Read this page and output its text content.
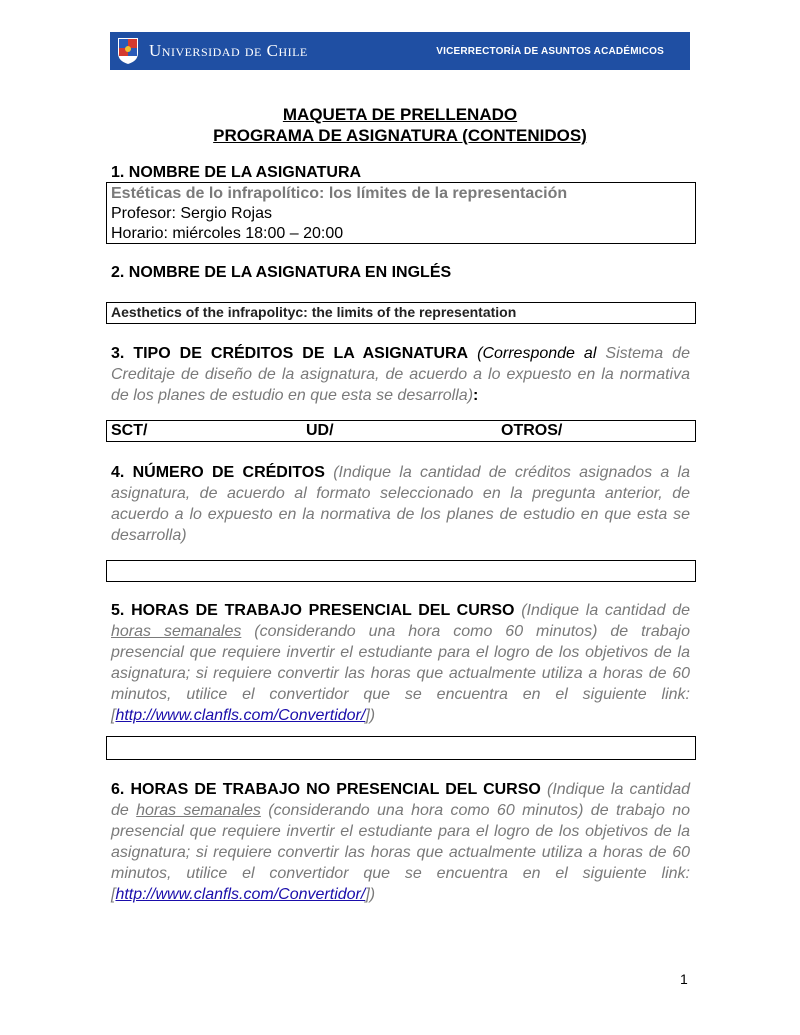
Universidad de Chile	VICERRECTORÍA DE ASUNTOS ACADÉMICOS
MAQUETA DE PRELLENADO
PROGRAMA DE ASIGNATURA (CONTENIDOS)
1. NOMBRE DE LA ASIGNATURA
Estéticas de lo infrapolítico: los límites de la representación
Profesor: Sergio Rojas
Horario: miércoles 18:00 – 20:00
2. NOMBRE DE LA ASIGNATURA EN INGLÉS
Aesthetics of the infrapolityc: the limits of the representation
3. TIPO DE CRÉDITOS DE LA ASIGNATURA (Corresponde al Sistema de Creditaje de diseño de la asignatura, de acuerdo a lo expuesto en la normativa de los planes de estudio en que esta se desarrolla):
SCT/	UD/	OTROS/
4. NÚMERO DE CRÉDITOS (Indique la cantidad de créditos asignados a la asignatura, de acuerdo al formato seleccionado en la pregunta anterior, de acuerdo a lo expuesto en la normativa de los planes de estudio en que esta se desarrolla)
5. HORAS DE TRABAJO PRESENCIAL DEL CURSO (Indique la cantidad de horas semanales (considerando una hora como 60 minutos) de trabajo presencial que requiere invertir el estudiante para el logro de los objetivos de la asignatura; si requiere convertir las horas que actualmente utiliza a horas de 60 minutos, utilice el convertidor que se encuentra en el siguiente link: [http://www.clanfls.com/Convertidor/])
6. HORAS DE TRABAJO NO PRESENCIAL DEL CURSO (Indique la cantidad de horas semanales (considerando una hora como 60 minutos) de trabajo no presencial que requiere invertir el estudiante para el logro de los objetivos de la asignatura; si requiere convertir las horas que actualmente utiliza a horas de 60 minutos, utilice el convertidor que se encuentra en el siguiente link: [http://www.clanfls.com/Convertidor/])
1
